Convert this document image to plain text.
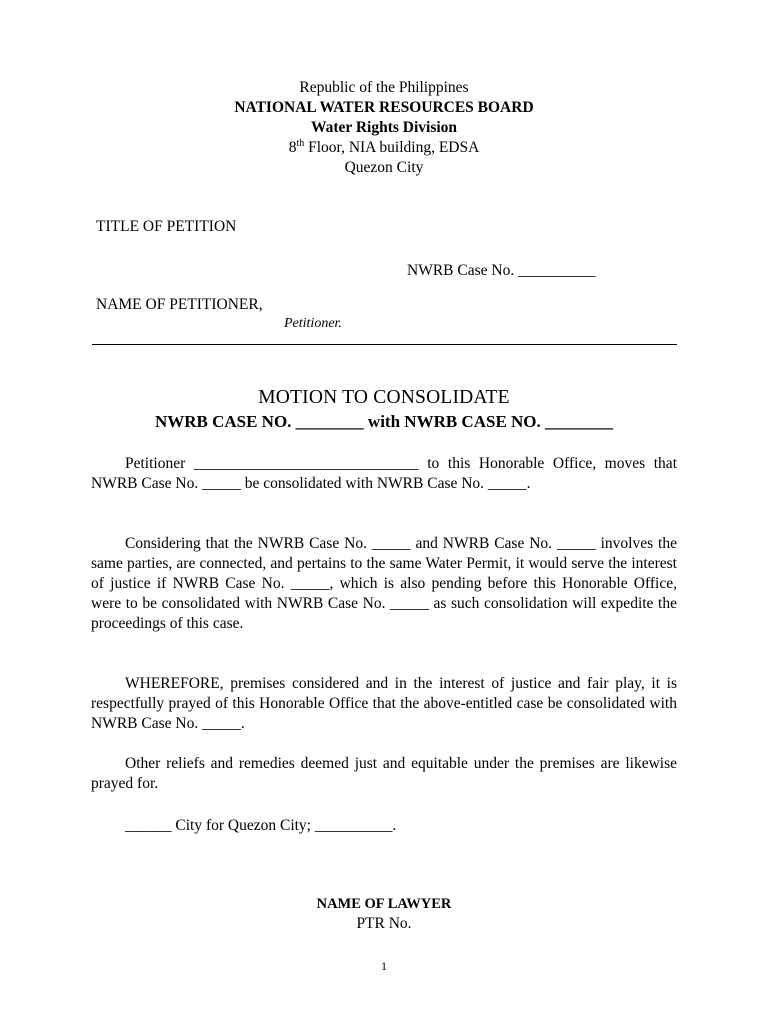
Republic of the Philippines

NATIONAL WATER RESOURCES BOARD

Water Rights Division

8th Floor, NIA building, EDSA

Quezon City

TITLE OF PETITION

NWRB Case No. __________

NAME OF PETITIONER,

Petitioner.

MOTION TO CONSOLIDATE

NWRB CASE NO. ________ with NWRB CASE NO. ________

Petitioner _____________________________ to this Honorable Office, moves that NWRB Case No. _____ be consolidated with NWRB Case No. _____.

Considering that the NWRB Case No. _____ and NWRB Case No. _____ involves the same parties, are connected, and pertains to the same Water Permit, it would serve the interest of justice if NWRB Case No. _____, which is also pending before this Honorable Office, were to be consolidated with NWRB Case No. _____ as such consolidation will expedite the proceedings of this case.

WHEREFORE, premises considered and in the interest of justice and fair play, it is respectfully prayed of this Honorable Office that the above-entitled case be consolidated with NWRB Case No. _____.

Other reliefs and remedies deemed just and equitable under the premises are likewise prayed for.

______ City for Quezon City; __________.

NAME OF LAWYER

PTR No.

1
